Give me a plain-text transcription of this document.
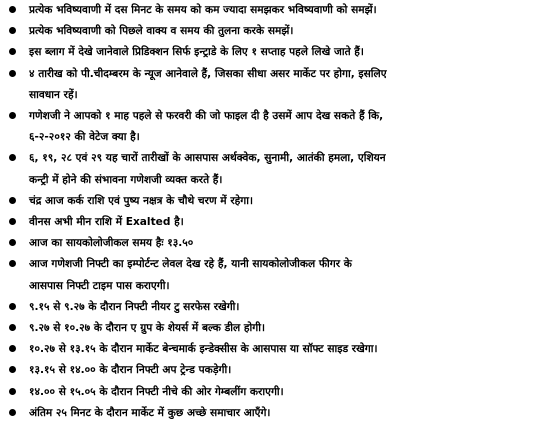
प्रत्येक भविष्यवाणी में दस मिनट के समय को कम ज्यादा समझकर भविष्यवाणी को समझें।
प्रत्येक भविष्यवाणी को पिछले वाक्य व समय की तुलना करके समझें।
इस ब्लाग में देखे जानेवाले प्रिडिक्शन सिर्फ इन्ट्राडे के लिए १ सप्ताह पहले लिखे जाते हैं।
४ तारीख को पी.चीदम्बरम के न्यूज आनेवाले हैं, जिसका सीधा असर मार्केट पर होगा, इसलिए
सावधान रहें।
गणेशजी ने आपको १ माह पहले से फरवरी की जो फाइल दी है उसमें आप देख सकते हैं कि,
६-२-२०१२ की वेटेज क्या है।
६, १९, २८ एवं २९ यह चारों तारीखों के आसपास अर्थक्वेक, सुनामी, आतंकी हमला, एशियन
कन्ट्री में होने की संभावना गणेशजी व्यक्त करते हैं।
चंद्र आज कर्क राशि एवं पुष्य नक्षत्र के चौथे चरण में रहेगा।
वीनस अभी मीन राशि में Exalted है।
आज का सायकोलोजीकल समय हैः १३.५०
आज गणेशजी निफ्टी का इम्पोर्टन्ट लेवल देख रहे हैं, यानी सायकोलोजीकल फीगर के
आसपास निफ्टी टाइम पास कराएगी।
९.१५ से ९.२७ के दौरान निफ्टी नीयर टु सरफेस रखेगी।
९.२७ से १०.२७ के दौरान ए ग्रुप के शेयर्स में बल्क डील होगी।
१०.२७ से १३.१५ के दौरान मार्केट बेन्चमार्क इन्डेक्सीस के आसपास या सॉफ्ट साइड रखेगा।
१३.१५ से १४.०० के दौरान निफ्टी अप ट्रेन्ड पकड़ेगी।
१४.०० से १५.०५ के दौरान निफ्टी नीचे की ओर गेम्बलींग कराएगी।
अंतिम २५ मिनट के दौरान मार्केट में कुछ अच्छे समाचार आएँगे।
